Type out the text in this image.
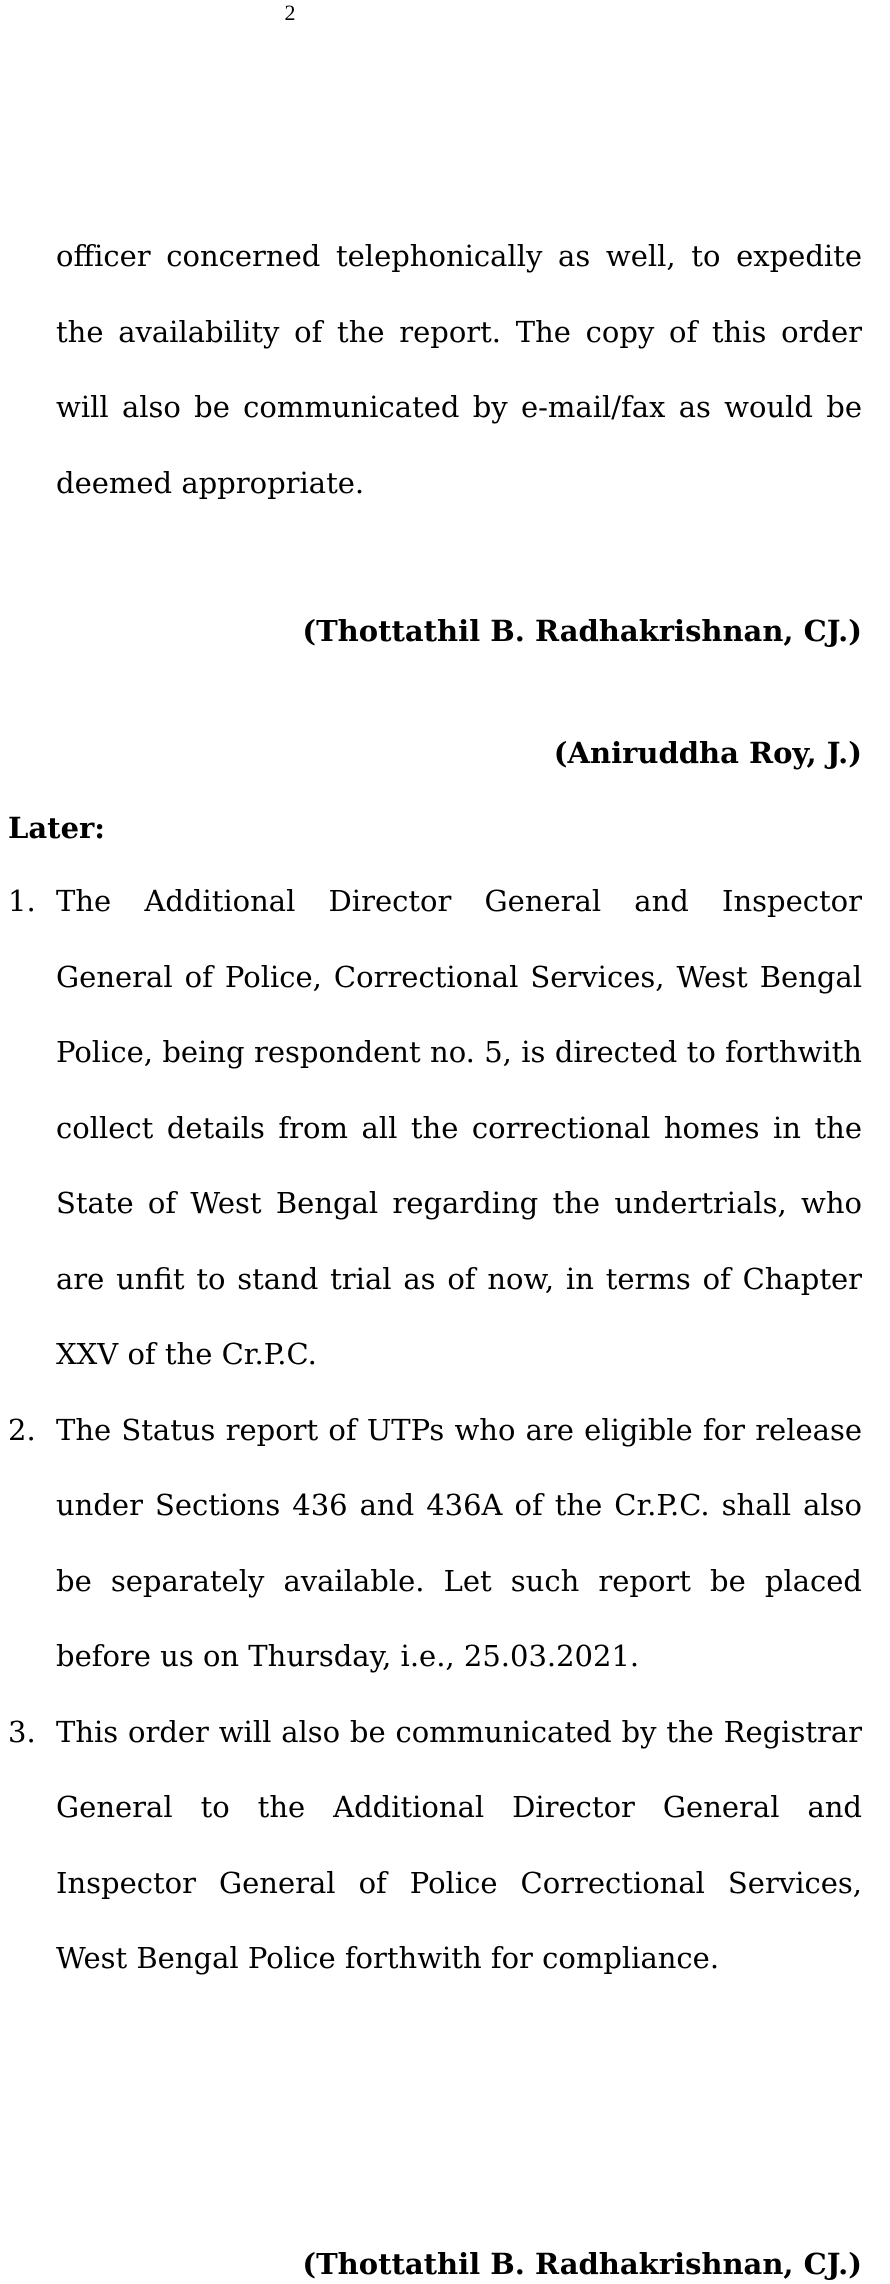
2

officer concerned telephonically as well, to expedite the availability of the report. The copy of this order will also be communicated by e-mail/fax as would be deemed appropriate.

(Thottathil B. Radhakrishnan, CJ.)
(Aniruddha Roy, J.)
Later:
1. The Additional Director General and Inspector General of Police, Correctional Services, West Bengal Police, being respondent no. 5, is directed to forthwith collect details from all the correctional homes in the State of West Bengal regarding the undertrials, who are unfit to stand trial as of now, in terms of Chapter XXV of the Cr.P.C.
2. The Status report of UTPs who are eligible for release under Sections 436 and 436A of the Cr.P.C. shall also be separately available. Let such report be placed before us on Thursday, i.e., 25.03.2021.
3. This order will also be communicated by the Registrar General to the Additional Director General and Inspector General of Police Correctional Services, West Bengal Police forthwith for compliance.
(Thottathil B. Radhakrishnan, CJ.)
